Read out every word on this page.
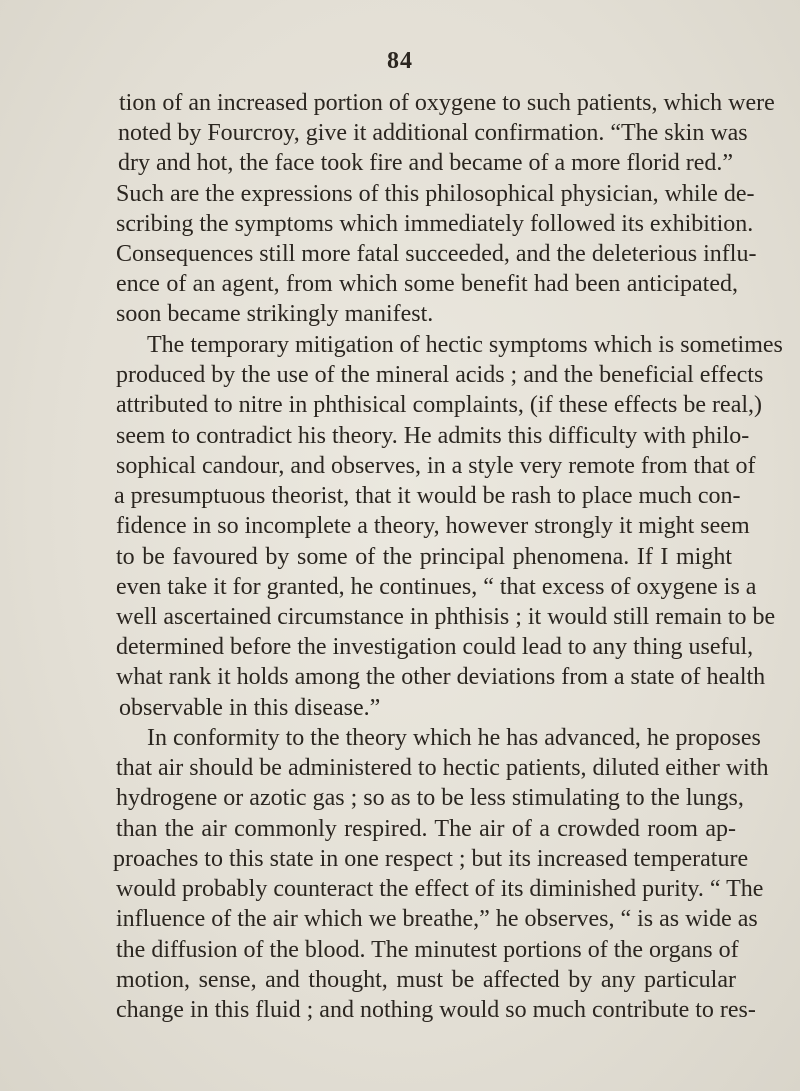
84
tion of an increased portion of oxygene to such patients, which were
noted by Fourcroy, give it additional confirmation. “The skin was
dry and hot, the face took fire and became of a more florid red.”
Such are the expressions of this philosophical physician, while de-
scribing the symptoms which immediately followed its exhibition.
Consequences still more fatal succeeded, and the deleterious influ-
ence of an agent, from which some benefit had been anticipated,
soon became strikingly manifest.
The temporary mitigation of hectic symptoms which is sometimes
produced by the use of the mineral acids ; and the beneficial effects
attributed to nitre in phthisical complaints, (if these effects be real,)
seem to contradict his theory. He admits this difficulty with philo-
sophical candour, and observes, in a style very remote from that of
a presumptuous theorist, that it would be rash to place much con-
fidence in so incomplete a theory, however strongly it might seem
to be favoured by some of the principal phenomena. If I might
even take it for granted, he continues, “ that excess of oxygene is a
well ascertained circumstance in phthisis ; it would still remain to be
determined before the investigation could lead to any thing useful,
what rank it holds among the other deviations from a state of health
observable in this disease.”
In conformity to the theory which he has advanced, he proposes
that air should be administered to hectic patients, diluted either with
hydrogene or azotic gas ; so as to be less stimulating to the lungs,
than the air commonly respired. The air of a crowded room ap-
proaches to this state in one respect ; but its increased temperature
would probably counteract the effect of its diminished purity. “ The
influence of the air which we breathe,” he observes, “ is as wide as
the diffusion of the blood. The minutest portions of the organs of
motion, sense, and thought, must be affected by any particular
change in this fluid ; and nothing would so much contribute to res-
